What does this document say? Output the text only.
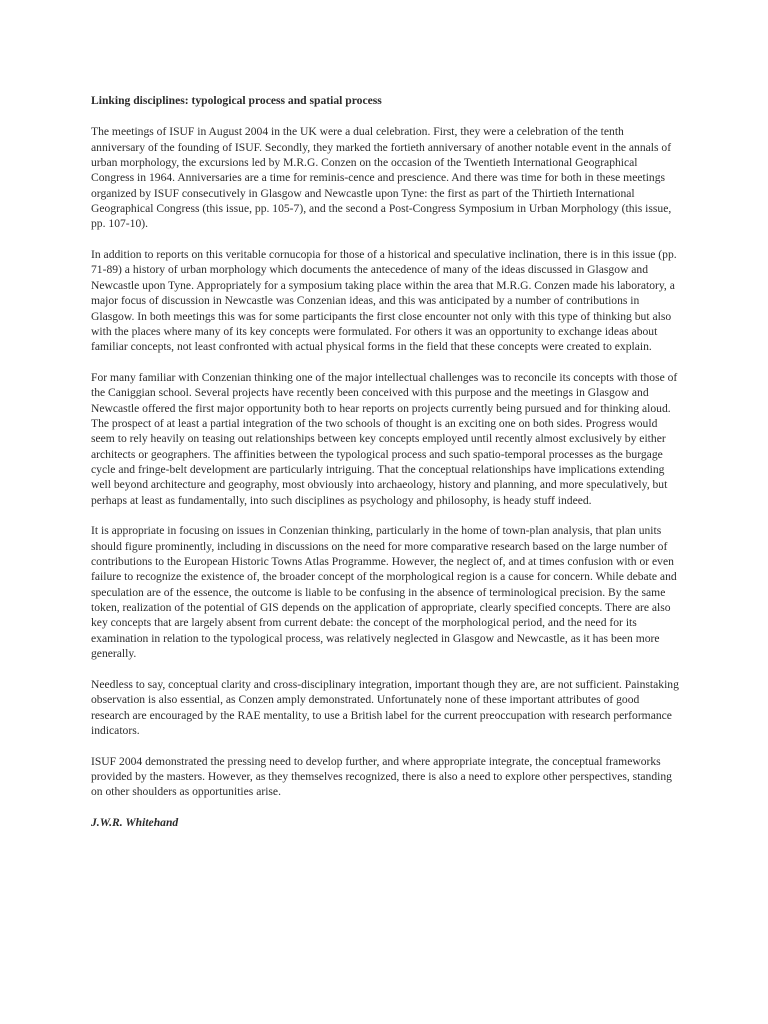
Linking disciplines: typological process and spatial process

The meetings of ISUF in August 2004 in the UK were a dual celebration. First, they were a celebration of the tenth anniversary of the founding of ISUF. Secondly, they marked the fortieth anniversary of another notable event in the annals of urban morphology, the excursions led by M.R.G. Conzen on the occasion of the Twentieth International Geographical Congress in 1964. Anniversaries are a time for reminis-cence and prescience. And there was time for both in these meetings organized by ISUF consecutively in Glasgow and Newcastle upon Tyne: the first as part of the Thirtieth International Geographical Congress (this issue, pp. 105-7), and the second a Post-Congress Symposium in Urban Morphology (this issue, pp. 107-10).

In addition to reports on this veritable cornucopia for those of a historical and speculative inclination, there is in this issue (pp. 71-89) a history of urban morphology which documents the antecedence of many of the ideas discussed in Glasgow and Newcastle upon Tyne. Appropriately for a symposium taking place within the area that M.R.G. Conzen made his laboratory, a major focus of discussion in Newcastle was Conzenian ideas, and this was anticipated by a number of contributions in Glasgow. In both meetings this was for some participants the first close encounter not only with this type of thinking but also with the places where many of its key concepts were formulated. For others it was an opportunity to exchange ideas about familiar concepts, not least confronted with actual physical forms in the field that these concepts were created to explain.

For many familiar with Conzenian thinking one of the major intellectual challenges was to reconcile its concepts with those of the Caniggian school. Several projects have recently been conceived with this purpose and the meetings in Glasgow and Newcastle offered the first major opportunity both to hear reports on projects currently being pursued and for thinking aloud. The prospect of at least a partial integration of the two schools of thought is an exciting one on both sides. Progress would seem to rely heavily on teasing out relationships between key concepts employed until recently almost exclusively by either architects or geographers. The affinities between the typological process and such spatio-temporal processes as the burgage cycle and fringe-belt development are particularly intriguing. That the conceptual relationships have implications extending well beyond architecture and geography, most obviously into archaeology, history and planning, and more speculatively, but perhaps at least as fundamentally, into such disciplines as psychology and philosophy, is heady stuff indeed.

It is appropriate in focusing on issues in Conzenian thinking, particularly in the home of town-plan analysis, that plan units should figure prominently, including in discussions on the need for more comparative research based on the large number of contributions to the European Historic Towns Atlas Programme. However, the neglect of, and at times confusion with or even failure to recognize the existence of, the broader concept of the morphological region is a cause for concern. While debate and speculation are of the essence, the outcome is liable to be confusing in the absence of terminological precision. By the same token, realization of the potential of GIS depends on the application of appropriate, clearly specified concepts. There are also key concepts that are largely absent from current debate: the concept of the morphological period, and the need for its examination in relation to the typological process, was relatively neglected in Glasgow and Newcastle, as it has been more generally.

Needless to say, conceptual clarity and cross-disciplinary integration, important though they are, are not sufficient. Painstaking observation is also essential, as Conzen amply demonstrated. Unfortunately none of these important attributes of good research are encouraged by the RAE mentality, to use a British label for the current preoccupation with research performance indicators.

ISUF 2004 demonstrated the pressing need to develop further, and where appropriate integrate, the conceptual frameworks provided by the masters. However, as they themselves recognized, there is also a need to explore other perspectives, standing on other shoulders as opportunities arise.

J.W.R. Whitehand
